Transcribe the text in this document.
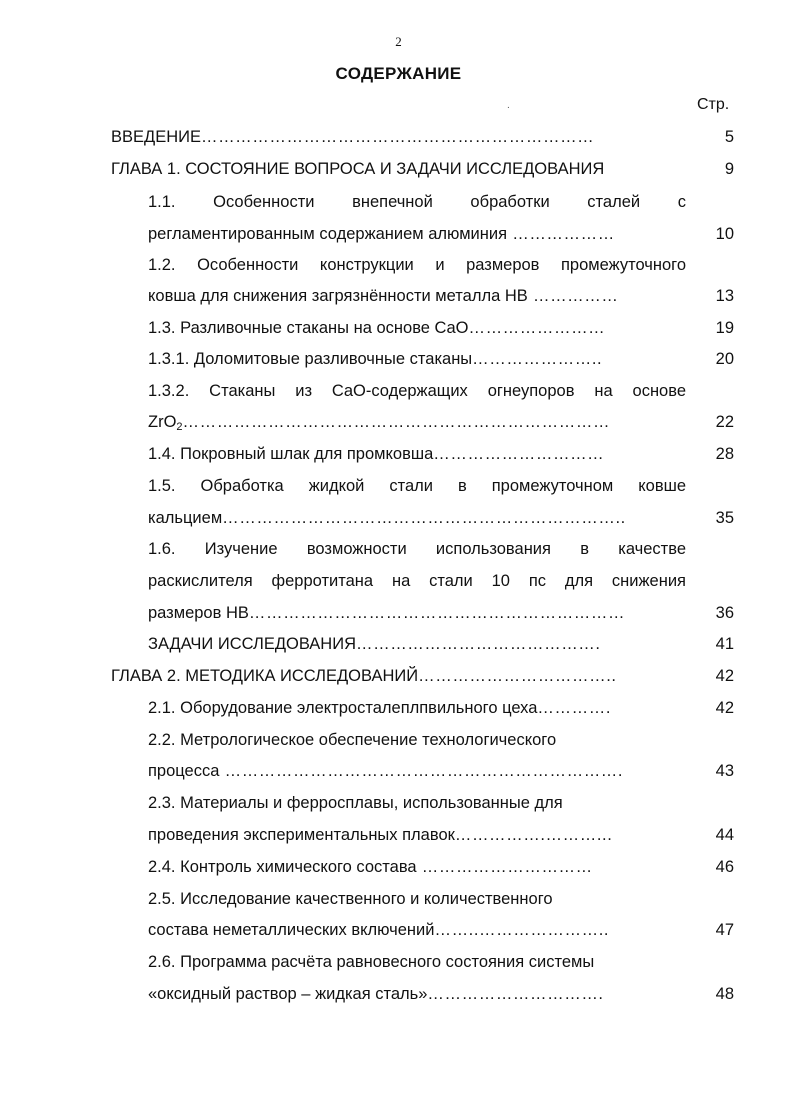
2
СОДЕРЖАНИЕ
.	Стр.
ВВЕДЕНИЕ……………………………………………………………	5
ГЛАВА 1. СОСТОЯНИЕ ВОПРОСА И ЗАДАЧИ ИССЛЕДОВАНИЯ	9
1.1. Особенности внепечной обработки сталей с
регламентированным содержанием алюминия ………………	10
1.2. Особенности конструкции и размеров промежуточного
ковша для снижения загрязнённости металла НВ ……………	13
1.3. Разливочные стаканы на основе CaO……………………	19
1.3.1. Доломитовые разливочные стаканы…………………..	20
1.3.2. Стаканы из CaO-содержащих огнеупоров на основе
ZrO$_2$…………………………………………………………………	22
1.4. Покровный шлак для промковша…………………………	28
1.5. Обработка жидкой стали в промежуточном ковше
кальцием……………………………………………………………..	35
1.6. Изучение возможности использования в качестве
раскислителя ферротитана на стали 10 пс для снижения
размеров НВ…………………………………………………………	36
ЗАДАЧИ ИССЛЕДОВАНИЯ…………………………………….	41
ГЛАВА 2. МЕТОДИКА ИССЛЕДОВАНИЙ……………………………..	42
2.1. Оборудование электросталеплпвильного цеха………….	42
2.2. Метрологическое обеспечение технологического
процесса …………………………………………………………….	43
2.3. Материалы и ферросплавы, использованные для
проведения экспериментальных плавок…………….………...	44
2.4. Контроль химического состава …………………………	46
2.5. Исследование качественного и количественного
состава неметаллических включений……..…………………..	47
2.6. Программа расчёта равновесного состояния системы
«оксидный раствор – жидкая сталь»………………………….	48
